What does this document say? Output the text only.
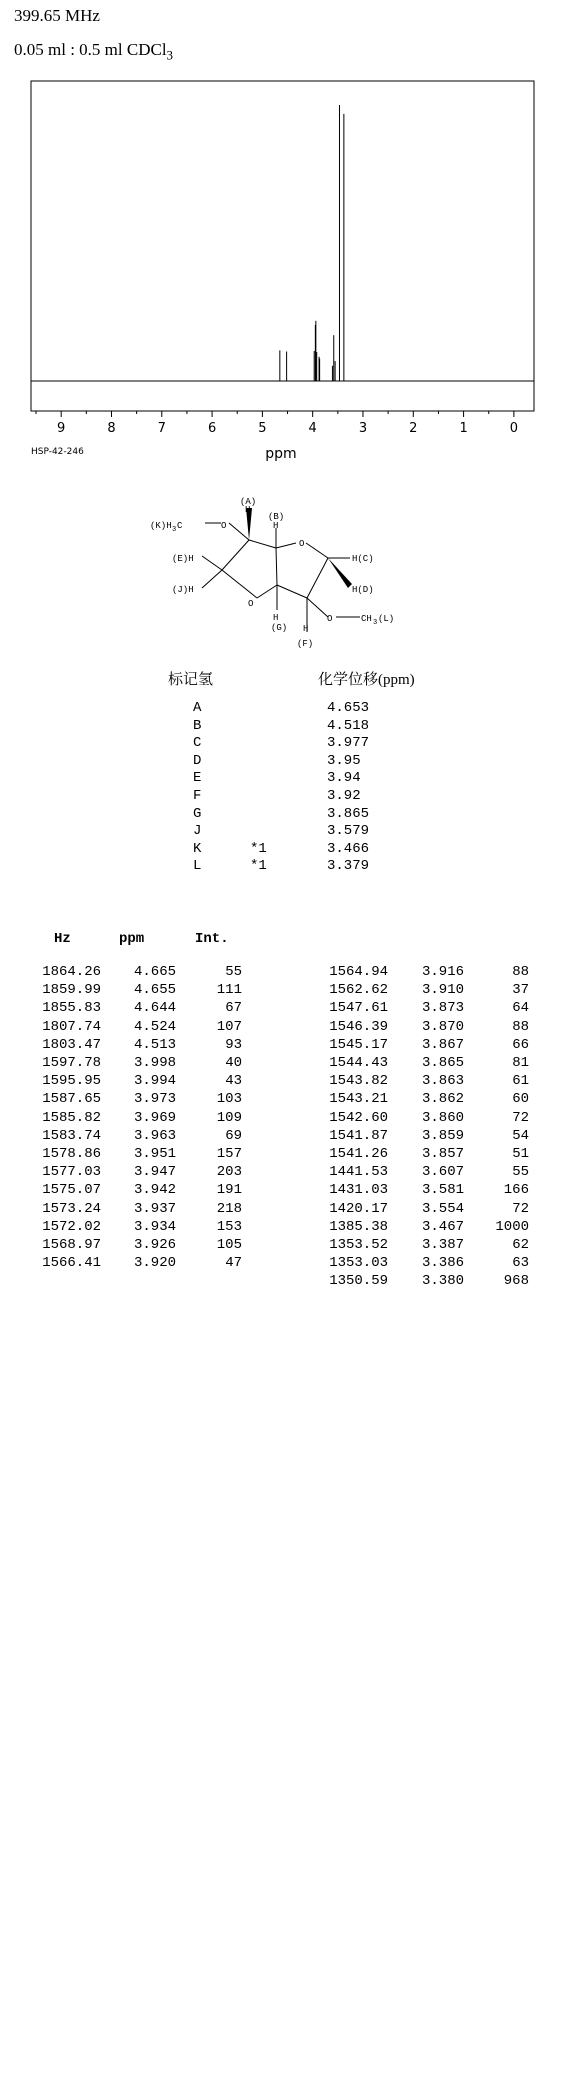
399.65 MHz
0.05 ml : 0.5 ml CDCl$_3$
9	8	7	6	5	4	3	2	1	0
ppm
HSP-42-246
(K)H 3 C	O
(A)
H
(B)
H
O
H(C)
(E)H
(J)H	H(D)
O
H
(G) H
(F)
O	CH 3 (L)
标记氢	化学位移(ppm)
A	4.653
B	4.518
C	3.977
D	3.95
E	3.94
F	3.92
G	3.865
J	3.579
K	*1	3.466
L	*1	3.379
Hz	ppm	Int.
1864.26 4.665	55
1859.99 4.655	111
1855.83 4.644	67
1807.74 4.524	107
1803.47 4.513	93
1597.78 3.998	40
1595.95 3.994	43
1587.65 3.973	103
1585.82 3.969	109
1583.74 3.963	69
1578.86 3.951	157
1577.03 3.947	203
1575.07 3.942	191
1573.24 3.937	218
1572.02 3.934	153
1568.97 3.926	105
1566.41 3.920	47
1564.94 3.916	88
1562.62 3.910	37
1547.61 3.873	64
1546.39 3.870	88
1545.17 3.867	66
1544.43 3.865	81
1543.82 3.863	61
1543.21 3.862	60
1542.60 3.860	72
1541.87 3.859	54
1541.26 3.857	51
1441.53 3.607	55
1431.03 3.581	166
1420.17 3.554	72
1385.38 3.467 1000
1353.52 3.387	62
1353.03 3.386	63
1350.59 3.380	968
